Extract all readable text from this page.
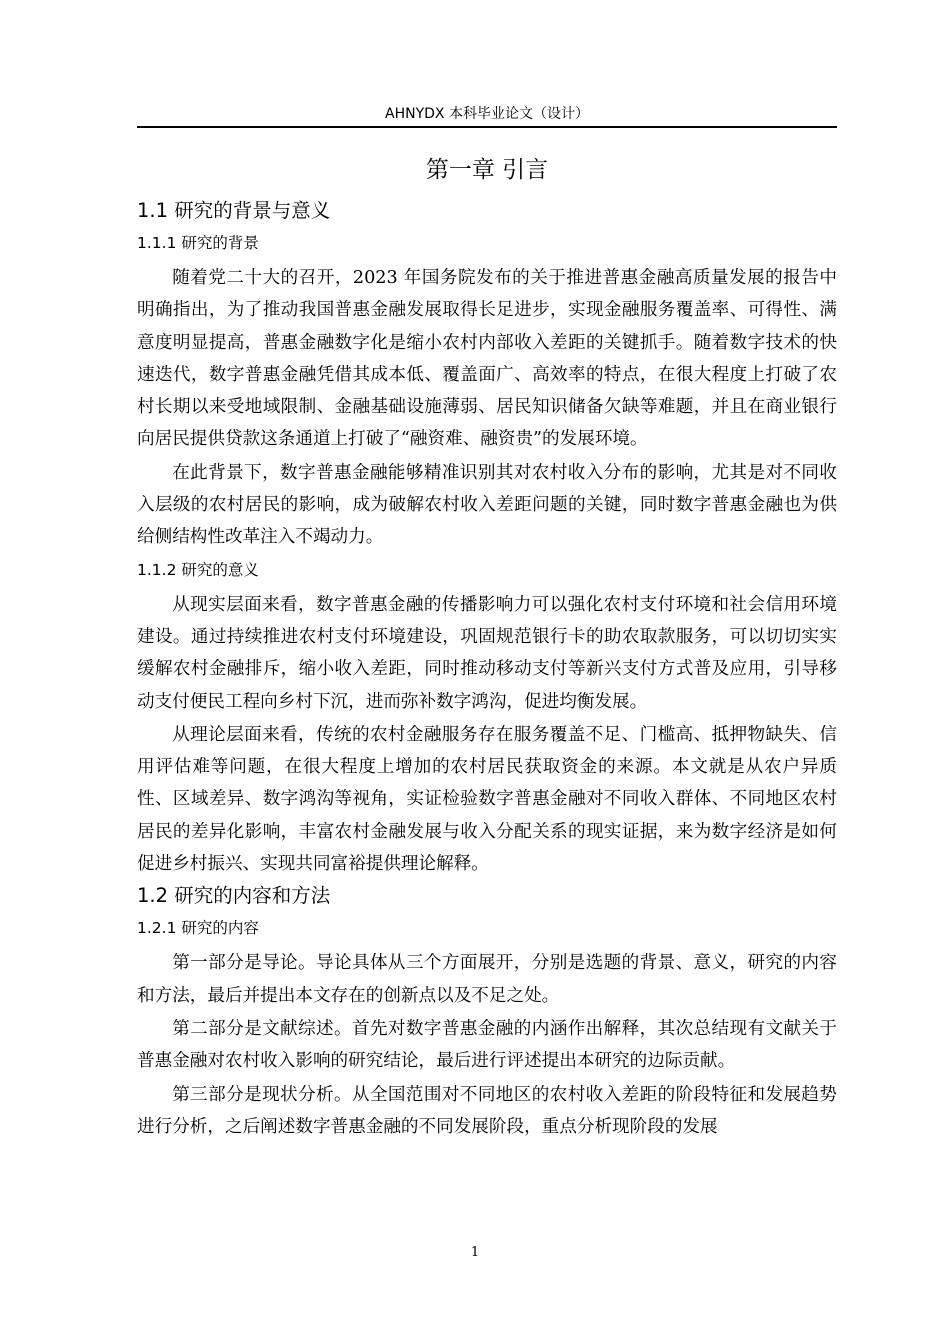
AHNYDX 本科毕业论文（设计）
第一章 引言
1.1 研究的背景与意义
1.1.1 研究的背景

随着党二十大的召开，2023 年国务院发布的关于推进普惠金融高质量发展的报告中明确指出，为了推动我国普惠金融发展取得长足进步，实现金融服务覆盖率、可得性、满意度明显提高，普惠金融数字化是缩小农村内部收入差距的关键抓手。随着数字技术的快速迭代，数字普惠金融凭借其成本低、覆盖面广、高效率的特点，在很大程度上打破了农村长期以来受地域限制、金融基础设施薄弱、居民知识储备欠缺等难题，并且在商业银行向居民提供贷款这条通道上打破了“融资难、融资贵”的发展环境。

在此背景下，数字普惠金融能够精准识别其对农村收入分布的影响，尤其是对不同收入层级的农村居民的影响，成为破解农村收入差距问题的关键，同时数字普惠金融也为供给侧结构性改革注入不竭动力。

1.1.2 研究的意义

从现实层面来看，数字普惠金融的传播影响力可以强化农村支付环境和社会信用环境建设。通过持续推进农村支付环境建设，巩固规范银行卡的助农取款服务，可以切切实实缓解农村金融排斥，缩小收入差距，同时推动移动支付等新兴支付方式普及应用，引导移动支付便民工程向乡村下沉，进而弥补数字鸿沟，促进均衡发展。

从理论层面来看，传统的农村金融服务存在服务覆盖不足、门槛高、抵押物缺失、信用评估难等问题，在很大程度上增加的农村居民获取资金的来源。本文就是从农户异质性、区域差异、数字鸿沟等视角，实证检验数字普惠金融对不同收入群体、不同地区农村居民的差异化影响，丰富农村金融发展与收入分配关系的现实证据，来为数字经济是如何促进乡村振兴、实现共同富裕提供理论解释。

1.2 研究的内容和方法
1.2.1 研究的内容

第一部分是导论。导论具体从三个方面展开，分别是选题的背景、意义，研究的内容和方法，最后并提出本文存在的创新点以及不足之处。

第二部分是文献综述。首先对数字普惠金融的内涵作出解释，其次总结现有文献关于普惠金融对农村收入影响的研究结论，最后进行评述提出本研究的边际贡献。

第三部分是现状分析。从全国范围对不同地区的农村收入差距的阶段特征和发展趋势进行分析，之后阐述数字普惠金融的不同发展阶段，重点分析现阶段的发展

1
